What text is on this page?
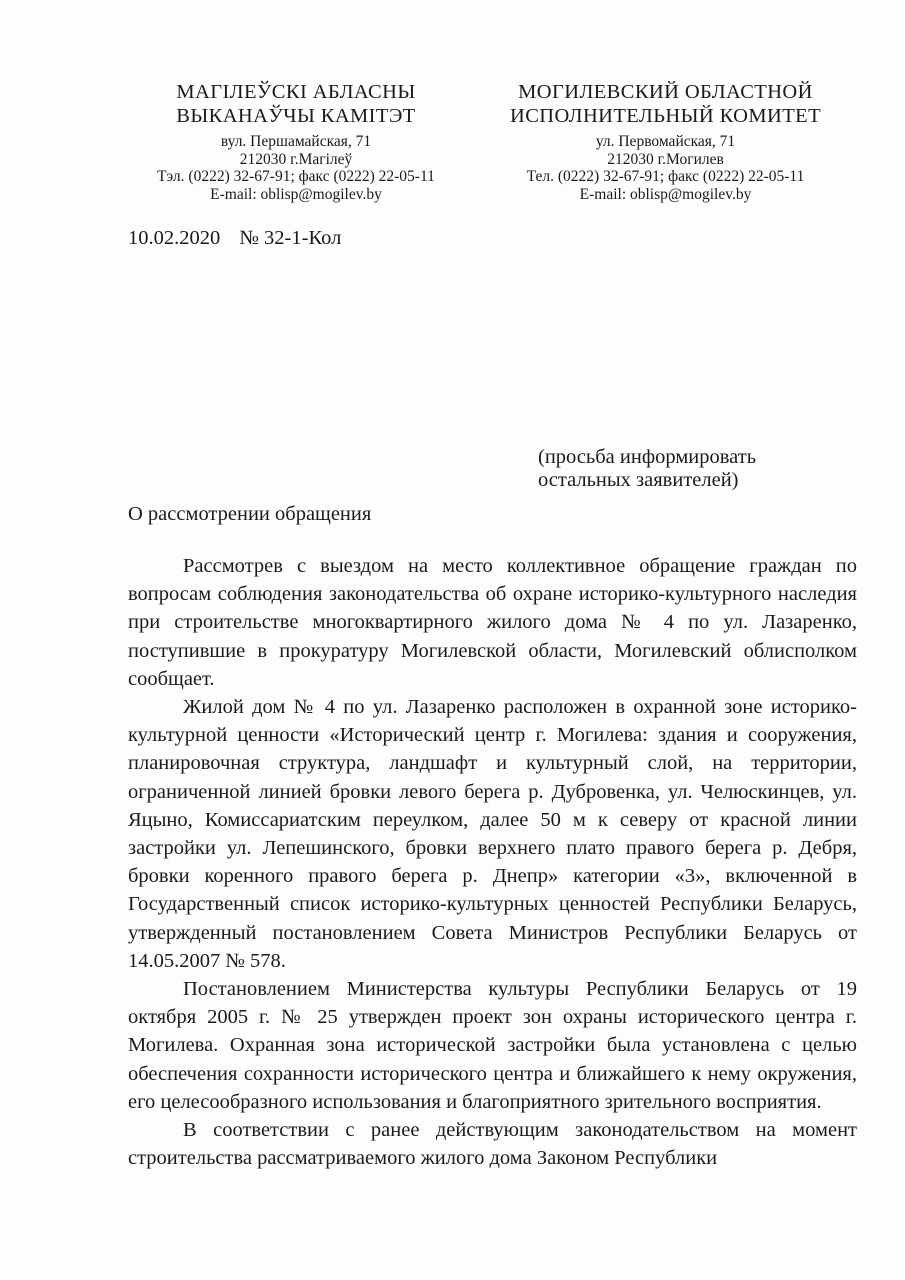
МАГІЛЕЎСКІ АБЛАСНЫ
ВЫКАНАЎЧЫ КАМІТЭТ
вул. Першамайская, 71
212030 г.Магілеў
Тэл. (0222) 32-67-91; факс (0222) 22-05-11
E-mail: oblisp@mogilev.by
МОГИЛЕВСКИЙ ОБЛАСТНОЙ
ИСПОЛНИТЕЛЬНЫЙ КОМИТЕТ
ул. Первомайская, 71
212030 г.Могилев
Тел. (0222) 32-67-91; факс (0222) 22-05-11
E-mail: oblisp@mogilev.by
10.02.2020 № 32-1-Кол
(просьба информировать
остальных заявителей)
О рассмотрении обращения

Рассмотрев с выездом на место коллективное обращение граждан по вопросам соблюдения законодательства об охране историко-культурного наследия при строительстве многоквартирного жилого дома № 4 по ул. Лазаренко, поступившие в прокуратуру Могилевской области, Могилевский облисполком сообщает.

Жилой дом № 4 по ул. Лазаренко расположен в охранной зоне историко-культурной ценности «Исторический центр г. Могилева: здания и сооружения, планировочная структура, ландшафт и культурный слой, на территории, ограниченной линией бровки левого берега р. Дубровенка, ул. Челюскинцев, ул. Яцыно, Комиссариатским переулком, далее 50 м к северу от красной линии застройки ул. Лепешинского, бровки верхнего плато правого берега р. Дебря, бровки коренного правого берега р. Днепр» категории «3», включенной в Государственный список историко-культурных ценностей Республики Беларусь, утвержденный постановлением Совета Министров Республики Беларусь от 14.05.2007 № 578.

Постановлением Министерства культуры Республики Беларусь от 19 октября 2005 г. № 25 утвержден проект зон охраны исторического центра г. Могилева. Охранная зона исторической застройки была установлена с целью обеспечения сохранности исторического центра и ближайшего к нему окружения, его целесообразного использования и благоприятного зрительного восприятия.

В соответствии с ранее действующим законодательством на момент строительства рассматриваемого жилого дома Законом Республики
